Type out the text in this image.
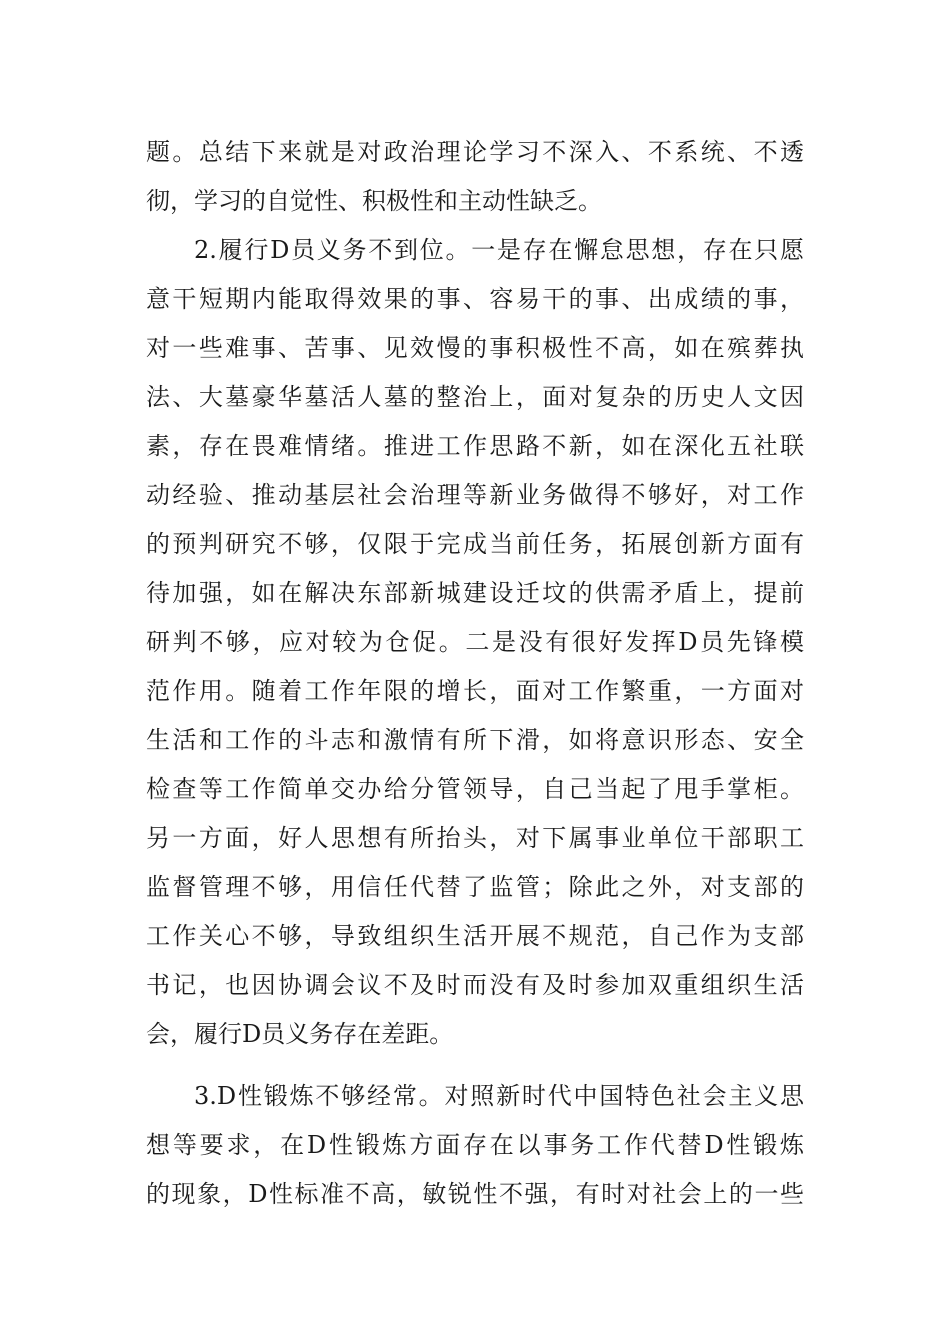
题。总结下来就是对政治理论学习不深入、不系统、不透
彻，学习的自觉性、积极性和主动性缺乏。
2.履行D员义务不到位。一是存在懈怠思想，存在只愿
意干短期内能取得效果的事、容易干的事、出成绩的事，
对一些难事、苦事、见效慢的事积极性不高，如在殡葬执
法、大墓豪华墓活人墓的整治上，面对复杂的历史人文因
素，存在畏难情绪。推进工作思路不新，如在深化五社联
动经验、推动基层社会治理等新业务做得不够好，对工作
的预判研究不够，仅限于完成当前任务，拓展创新方面有
待加强，如在解决东部新城建设迁坟的供需矛盾上，提前
研判不够，应对较为仓促。二是没有很好发挥D员先锋模
范作用。随着工作年限的增长，面对工作繁重，一方面对
生活和工作的斗志和激情有所下滑，如将意识形态、安全
检查等工作简单交办给分管领导，自己当起了甩手掌柜。
另一方面，好人思想有所抬头，对下属事业单位干部职工
监督管理不够，用信任代替了监管；除此之外，对支部的
工作关心不够，导致组织生活开展不规范，自己作为支部
书记，也因协调会议不及时而没有及时参加双重组织生活
会，履行D员义务存在差距。
3.D性锻炼不够经常。对照新时代中国特色社会主义思
想等要求，在D性锻炼方面存在以事务工作代替D性锻炼
的现象，D性标准不高，敏锐性不强，有时对社会上的一些
